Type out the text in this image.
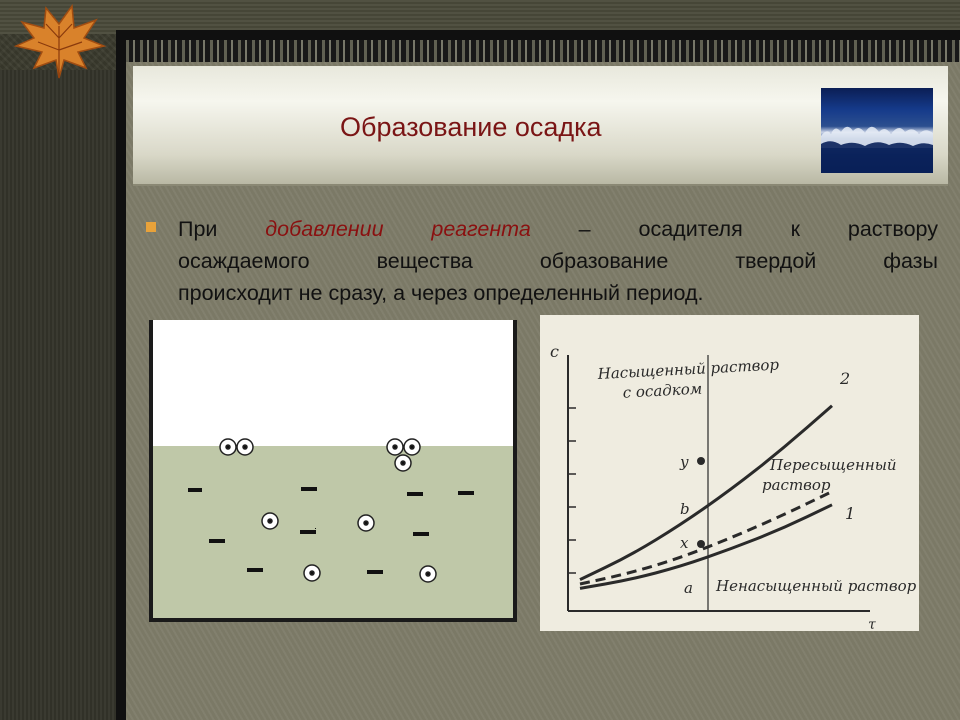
Образование осадка
При добавлении реагента – осадителя к раствору
осаждаемого вещества образование твердой фазы
происходит не сразу, а через определенный период.
c
τ
Насыщенный растворс осадком
Пересыщенный раствор
Ненасыщенный раствор
2
1
y
b
x
a
